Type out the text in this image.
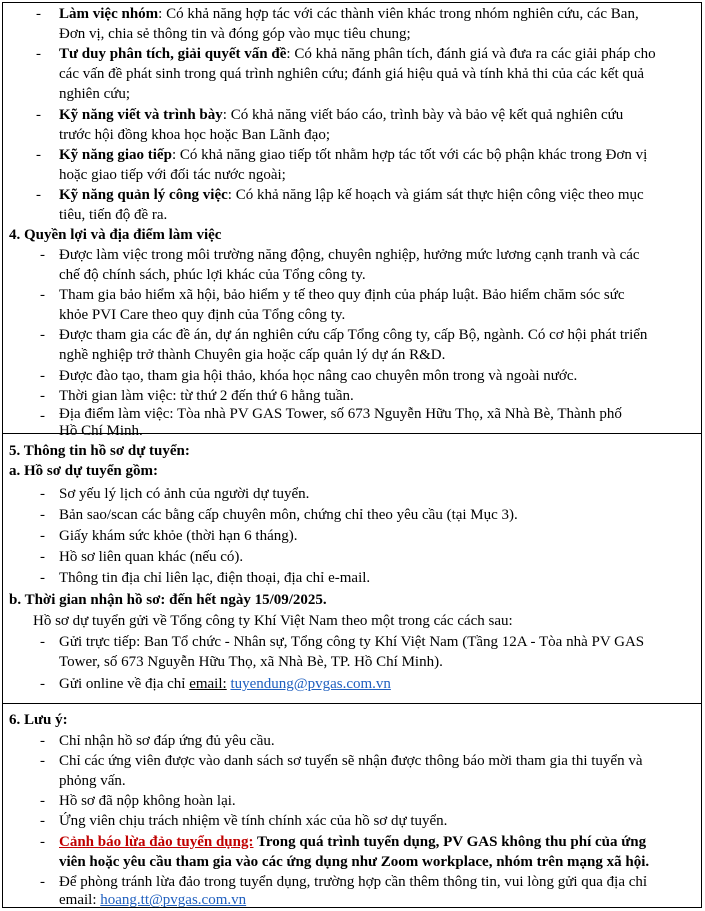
- Làm việc nhóm: Có khả năng hợp tác với các thành viên khác trong nhóm nghiên cứu, các Ban,
Đơn vị, chia sẻ thông tin và đóng góp vào mục tiêu chung;
- Tư duy phân tích, giải quyết vấn đề: Có khả năng phân tích, đánh giá và đưa ra các giải pháp cho
các vấn đề phát sinh trong quá trình nghiên cứu; đánh giá hiệu quả và tính khả thi của các kết quả
nghiên cứu;
- Kỹ năng viết và trình bày: Có khả năng viết báo cáo, trình bày và bảo vệ kết quả nghiên cứu
trước hội đồng khoa học hoặc Ban Lãnh đạo;
- Kỹ năng giao tiếp: Có khả năng giao tiếp tốt nhằm hợp tác tốt với các bộ phận khác trong Đơn vị
hoặc giao tiếp với đối tác nước ngoài;
- Kỹ năng quản lý công việc: Có khả năng lập kế hoạch và giám sát thực hiện công việc theo mục
tiêu, tiến độ đề ra.
4. Quyền lợi và địa điểm làm việc
- Được làm việc trong môi trường năng động, chuyên nghiệp, hưởng mức lương cạnh tranh và các
chế độ chính sách, phúc lợi khác của Tổng công ty.
- Tham gia bảo hiểm xã hội, bảo hiểm y tế theo quy định của pháp luật. Bảo hiểm chăm sóc sức
khỏe PVI Care theo quy định của Tổng công ty.
- Được tham gia các đề án, dự án nghiên cứu cấp Tổng công ty, cấp Bộ, ngành. Có cơ hội phát triển
nghề nghiệp trở thành Chuyên gia hoặc cấp quản lý dự án R&D.
- Được đào tạo, tham gia hội thảo, khóa học nâng cao chuyên môn trong và ngoài nước.
- Thời gian làm việc: từ thứ 2 đến thứ 6 hằng tuần.
- Địa điểm làm việc: Tòa nhà PV GAS Tower, số 673 Nguyễn Hữu Thọ, xã Nhà Bè, Thành phố
Hồ Chí Minh.
5. Thông tin hồ sơ dự tuyển:
a. Hồ sơ dự tuyển gồm:
- Sơ yếu lý lịch có ảnh của người dự tuyển.
- Bản sao/scan các bằng cấp chuyên môn, chứng chỉ theo yêu cầu (tại Mục 3).
- Giấy khám sức khỏe (thời hạn 6 tháng).
- Hồ sơ liên quan khác (nếu có).
- Thông tin địa chỉ liên lạc, điện thoại, địa chỉ e-mail.
b. Thời gian nhận hồ sơ: đến hết ngày 15/09/2025.
Hồ sơ dự tuyển gửi về Tổng công ty Khí Việt Nam theo một trong các cách sau:
- Gửi trực tiếp: Ban Tổ chức - Nhân sự, Tổng công ty Khí Việt Nam (Tầng 12A - Tòa nhà PV GAS
Tower, số 673 Nguyễn Hữu Thọ, xã Nhà Bè, TP. Hồ Chí Minh).
- Gửi online về địa chỉ email: tuyendung@pvgas.com.vn
6. Lưu ý:
- Chỉ nhận hồ sơ đáp ứng đủ yêu cầu.
- Chỉ các ứng viên được vào danh sách sơ tuyển sẽ nhận được thông báo mời tham gia thi tuyển và
phỏng vấn.
- Hồ sơ đã nộp không hoàn lại.
- Ứng viên chịu trách nhiệm về tính chính xác của hồ sơ dự tuyển.
- Cảnh báo lừa đảo tuyển dụng: Trong quá trình tuyển dụng, PV GAS không thu phí của ứng
viên hoặc yêu cầu tham gia vào các ứng dụng như Zoom workplace, nhóm trên mạng xã hội.
- Để phòng tránh lừa đảo trong tuyển dụng, trường hợp cần thêm thông tin, vui lòng gửi qua địa chỉ
email: hoang.tt@pvgas.com.vn
